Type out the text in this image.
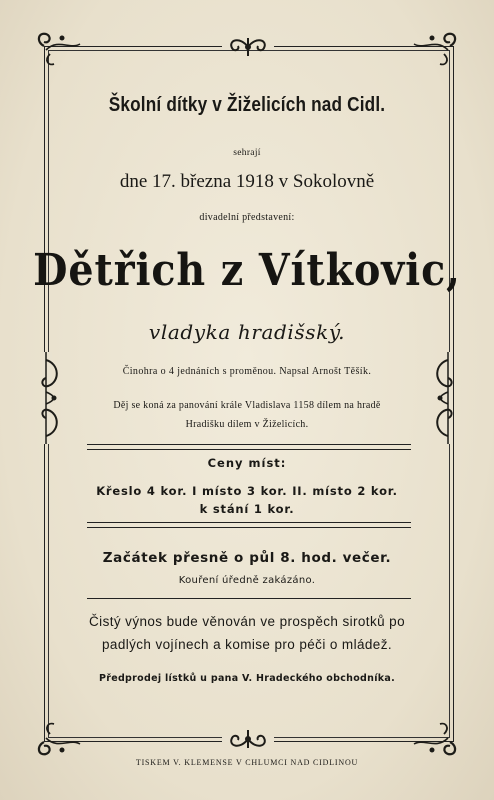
Školní dítky v Žiželicích nad Cidl.
sehrají
dne 17. března 1918 v Sokolovně
divadelní představení:
Dětřich z Vítkovic,
vladyka hradišský.
Činohra o 4 jednáních s proměnou. Napsal Arnošt Těšík.
Děj se koná za panování krále Vladislava 1158 dílem na hradě
Hradišku dílem v Žiželicích.
Ceny míst:
Křeslo 4 kor. I místo 3 kor. II. místo 2 kor.
k stání 1 kor.
Začátek přesně o půl 8. hod. večer.
Kouření úředně zakázáno.
Čistý výnos bude věnován ve prospěch sirotků po
padlých vojínech a komise pro péči o mládež.
Předprodej lístků u pana V. Hradeckého obchodníka.
TISKEM V. KLEMENSE V CHLUMCI NAD CIDLINOU
